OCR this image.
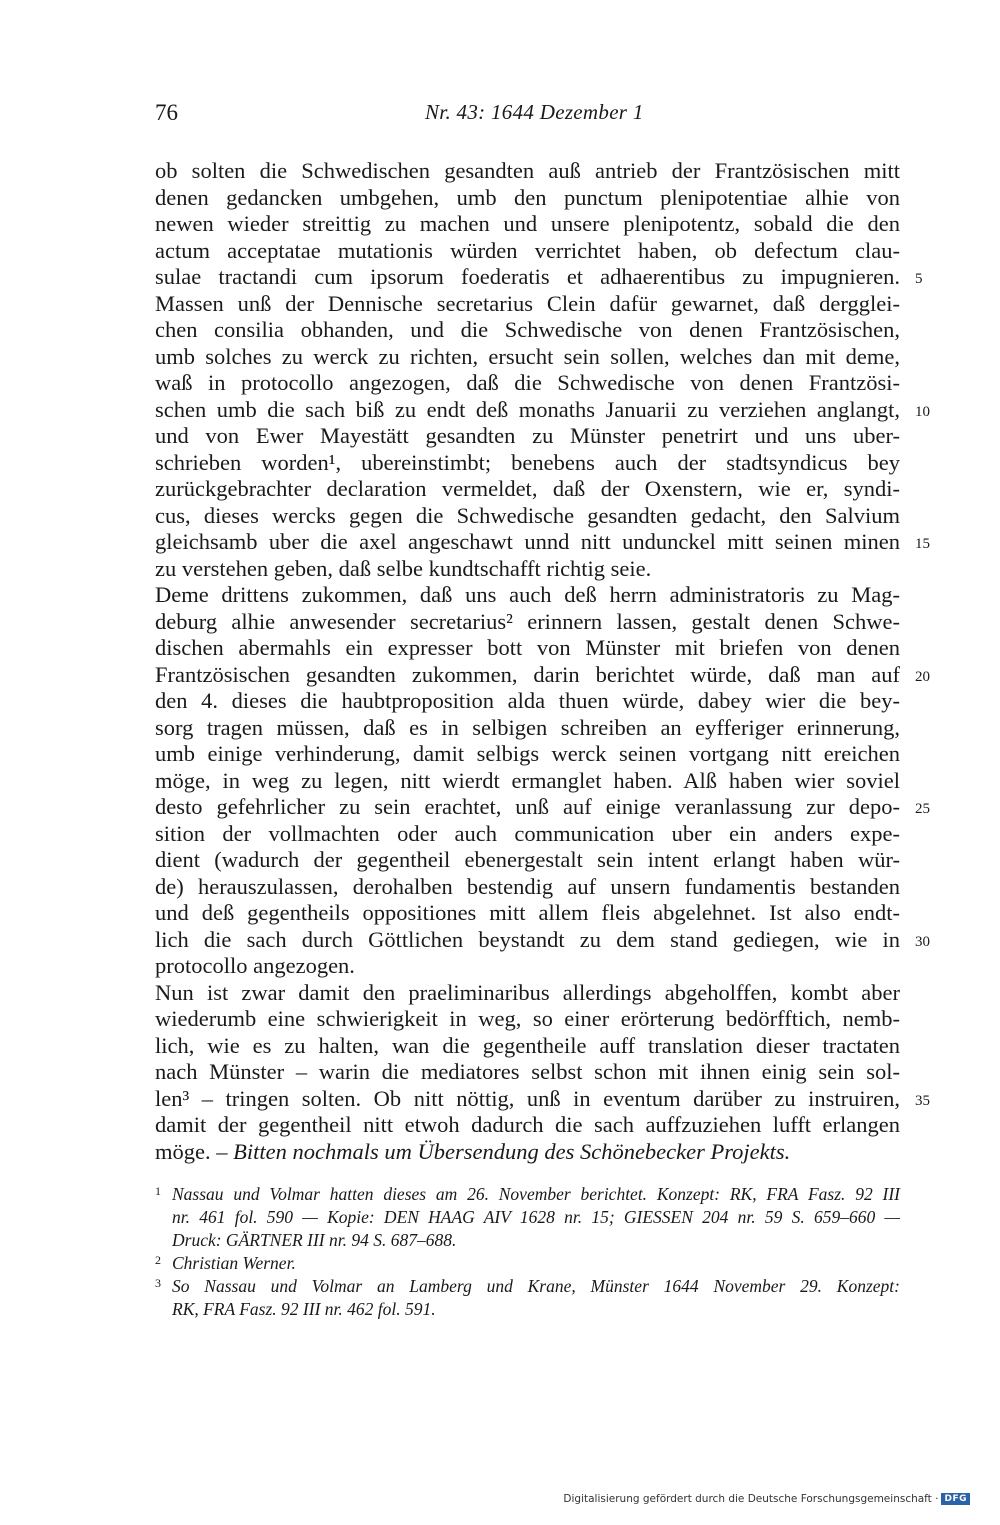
76	Nr. 43: 1644 Dezember 1
ob solten die Schwedischen gesandten auß antrieb der Frantzösischen mitt
denen gedancken umbgehen, umb den punctum plenipotentiae alhie von
newen wieder streittig zu machen und unsere plenipotentz, sobald die den
actum acceptatae mutationis würden verrichtet haben, ob defectum clau-
sulae tractandi cum ipsorum foederatis et adhaerentibus zu impugnieren. 5
Massen unß der Dennische secretarius Clein dafür gewarnet, daß dergglei-
chen consilia obhanden, und die Schwedische von denen Frantzösischen,
umb solches zu werck zu richten, ersucht sein sollen, welches dan mit deme,
waß in protocollo angezogen, daß die Schwedische von denen Frantzösi-
schen umb die sach biß zu endt deß monaths Januarii zu verziehen anglangt, 10
und von Ewer Mayestätt gesandten zu Münster penetrirt und uns uber-
schrieben worden¹, ubereinstimbt; benebens auch der stadtsyndicus bey
zurückgebrachter declaration vermeldet, daß der Oxenstern, wie er, syndi-
cus, dieses wercks gegen die Schwedische gesandten gedacht, den Salvium
gleichsamb uber die axel angeschawt unnd nitt undunckel mitt seinen minen 15
zu verstehen geben, daß selbe kundtschafft richtig seie.
Deme drittens zukommen, daß uns auch deß herrn administratoris zu Mag-
deburg alhie anwesender secretarius² erinnern lassen, gestalt denen Schwe-
dischen abermahls ein expresser bott von Münster mit briefen von denen
Frantzösischen gesandten zukommen, darin berichtet würde, daß man auf 20
den 4. dieses die haubtproposition alda thuen würde, dabey wier die bey-
sorg tragen müssen, daß es in selbigen schreiben an eyfferiger erinnerung,
umb einige verhinderung, damit selbigs werck seinen vortgang nitt ereichen
möge, in weg zu legen, nitt wierdt ermanglet haben. Alß haben wier soviel
desto gefehrlicher zu sein erachtet, unß auf einige veranlassung zur depo- 25
sition der vollmachten oder auch communication uber ein anders expe-
dient (wadurch der gegentheil ebenergestalt sein intent erlangt haben wür-
de) herauszulassen, derohalben bestendig auf unsern fundamentis bestanden
und deß gegentheils oppositiones mitt allem fleis abgelehnet. Ist also endt-
lich die sach durch Göttlichen beystandt zu dem stand gediegen, wie in 30
protocollo angezogen.
Nun ist zwar damit den praeliminaribus allerdings abgeholffen, kombt aber
wiederumb eine schwierigkeit in weg, so einer erörterung bedörfftich, nemb-
lich, wie es zu halten, wan die gegentheile auff translation dieser tractaten
nach Münster – warin die mediatores selbst schon mit ihnen einig sein sol-
len³ – tringen solten. Ob nitt nöttig, unß in eventum darüber zu instruiren, 35
damit der gegentheil nitt etwoh dadurch die sach auffzuziehen lufft erlangen
möge. – Bitten nochmals um Übersendung des Schönebecker Projekts.
1 Nassau und Volmar hatten dieses am 26. November berichtet. Konzept: RK, FRA Fasz. 92 III
nr. 461 fol. 590 — Kopie: DEN HAAG AIV 1628 nr. 15; GIESSEN 204 nr. 59 S. 659–660 —
Druck: GÄRTNER III nr. 94 S. 687–688.
2 Christian Werner.
3 So Nassau und Volmar an Lamberg und Krane, Münster 1644 November 29. Konzept:
RK, FRA Fasz. 92 III nr. 462 fol. 591.
Digitalisierung gefördert durch die Deutsche Forschungsgemeinschaft · DFG
